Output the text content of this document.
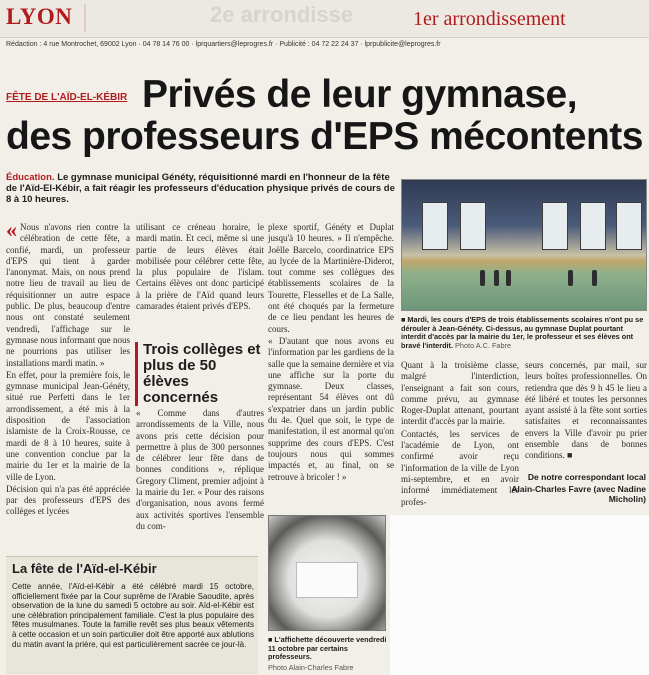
LYON	2e arrondisse	1er arrondissement
Rédaction : 4 rue Montrochet, 69002 Lyon · 04 78 14 76 00 · lprquartiers@leprogres.fr · Publicité : 04 72 22 24 37 · lprpublicite@leprogres.fr
FÊTE DE L'AÏD-EL-KÉBIR Privés de leur gymnase,
des professeurs d'EPS mécontents
Éducation. Le gymnase municipal Généty, réquisitionné mardi en l'honneur de la fête de l'Aïd-El-Kébir, a fait réagir les professeurs d'éducation physique privés de cours de 8 à 10 heures.

« Nous n'avons rien contre la célébration de cette fête, a confié, mardi, un professeur d'EPS qui tient à garder l'anonymat. Mais, on nous prend notre lieu de travail au lieu de réquisitionner un autre espace public. De plus, beaucoup d'entre nous ont constaté seulement vendredi, l'affichage sur le gymnase nous informant que nous ne pourrions pas utiliser les installations mardi matin. »

En effet, pour la première fois, le gymnase municipal Jean-Généty, situé rue Perfetti dans le 1er arrondissement, a été mis à la disposition de l'association islamiste de la Croix-Rousse, ce mardi de 8 à 10 heures, suite à une convention conclue par la mairie du 1er et la mairie de la ville de Lyon.

Décision qui n'a pas été appréciée par des professeurs d'EPS des collèges et lycées

utilisant ce créneau horaire, le mardi matin. Et ceci, même si une partie de leurs élèves était mobilisée pour célébrer cette fête, la plus populaire de l'islam. Certains élèves ont donc participé à la prière de l'Aïd quand leurs camarades étaient privés d'EPS.

Trois collèges et plus de 50 élèves concernés

« Comme dans d'autres arrondissements de la Ville, nous avons pris cette décision pour permettre à plus de 300 personnes de célébrer leur fête dans de bonnes conditions », réplique Gregory Climent, premier adjoint à la mairie du 1er. « Pour des raisons d'organisation, nous avons fermé aux activités sportives l'ensemble du com-

plexe sportif, Généty et Duplat jusqu'à 10 heures. » Il n'empêche. Joëlle Barcelo, coordinatrice EPS au lycée de la Martinière-Diderot, tout comme ses collègues des établissements scolaires de la Tourette, Flesselles et de La Salle, ont été choqués par la fermeture de ce lieu pendant les heures de cours.

« D'autant que nous avons eu l'information par les gardiens de la salle que la semaine dernière et via une affiche sur la porte du gymnase. Deux classes, représentant 54 élèves ont dû s'expatrier dans un jardin public du 4e. Quel que soit, le type de manifestation, il est anormal qu'on supprime des cours d'EPS. C'est toujours nous qui sommes impactés et, au final, on se retrouve à bricoler ! »

■ Mardi, les cours d'EPS de trois établissements scolaires n'ont pu se dérouler à Jean-Généty. Ci-dessus, au gymnase Duplat pourtant interdit d'accès par la mairie du 1er, le professeur et ses élèves ont bravé l'interdit. Photo A.C. Fabre

Quant à la troisième classe, malgré l'interdiction, l'enseignant a fait son cours, comme prévu, au gymnase Roger-Duplat attenant, pourtant interdit d'accès par la mairie.

Contactés, les services de l'académie de Lyon, ont confirmé avoir reçu l'information de la ville de Lyon mi-septembre, et en avoir informé immédiatement les profes-

seurs concernés, par mail, sur leurs boîtes professionnelles. On retiendra que dès 9 h 45 le lieu a été libéré et toutes les personnes ayant assisté à la fête sont sorties satisfaites et reconnaissantes envers la Ville d'avoir pu prier ensemble dans de bonnes conditions. ■

De notre correspondant local
Alain-Charles Favre (avec Nadine Micholin)
La fête de l'Aïd-el-Kébir
Cette année, l'Aïd-el-Kébir a été célébré mardi 15 octobre, officiellement fixée par la Cour suprême de l'Arabie Saoudite, après observation de la lune du samedi 5 octobre au soir. Aïd-el-Kébir est une célébration principalement familiale. C'est la plus populaire des fêtes musulmanes. Toute la famille revêt ses plus beaux vêtements à cette occasion et un soin particulier doit être apporté aux ablutions du matin avant la prière, qui est particulièrement sacrée ce jour-là.
■ L'affichette découverte vendredi 11 octobre par certains professeurs.
Photo Alain-Charles Fabre
